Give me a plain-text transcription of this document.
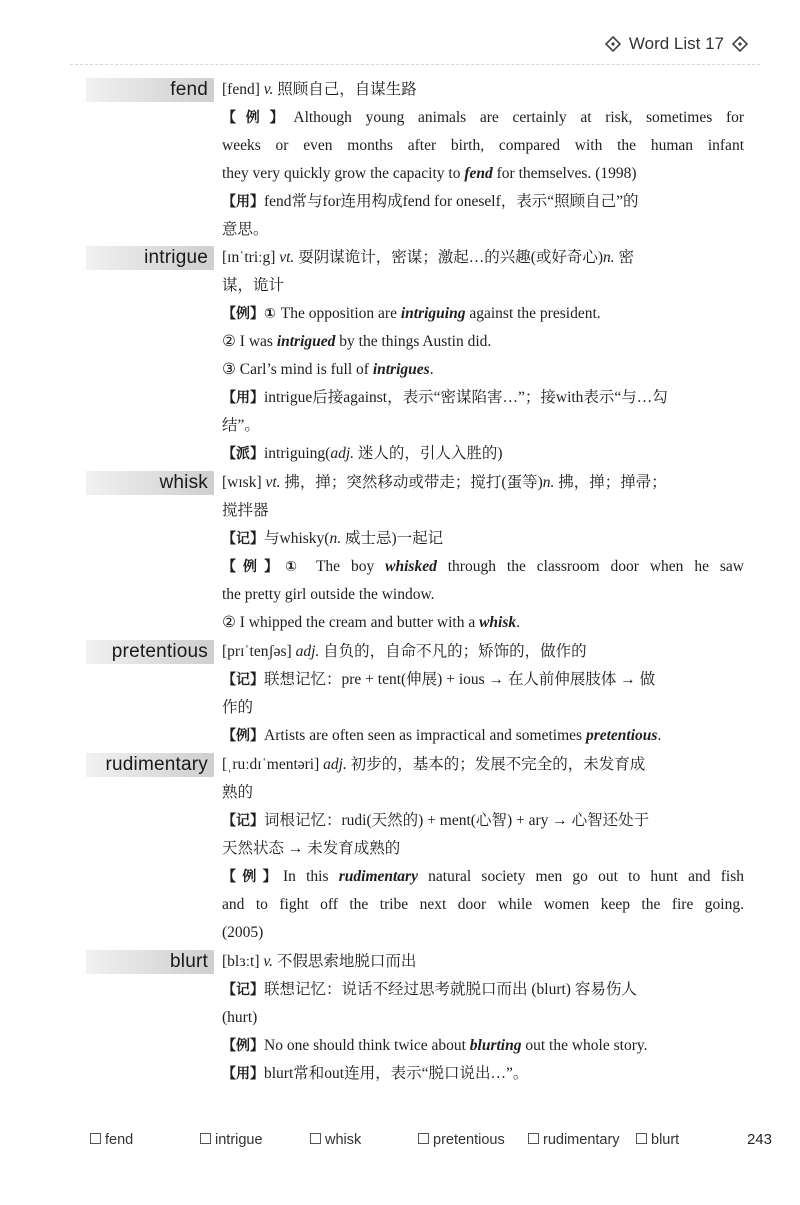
Word List 17
fend [fend] v. 照顾自己，自谋生路
【例】Although young animals are certainly at risk, sometimes for
weeks or even months after birth, compared with the human infant
they very quickly grow the capacity to fend for themselves. (1998)
【用】fend常与for连用构成fend for oneself，表示“照顾自己”的
意思。
intrigue [ɪnˈtriːg] vt. 耍阴谋诡计，密谋；激起…的兴趣(或好奇心)n. 密
谋，诡计
【例】① The opposition are intriguing against the president.
② I was intrigued by the things Austin did.
③ Carl’s mind is full of intrigues.
【用】intrigue后接against，表示“密谋陷害…”；接with表示“与…勾
结”。
【派】intriguing(adj. 迷人的，引人入胜的)
whisk [wɪsk] vt. 拂，掸；突然移动或带走；搅打(蛋等)n. 拂，掸；掸帚；
搅拌器
【记】与whisky(n. 威士忌)一起记
【例】① The boy whisked through the classroom door when he saw
the pretty girl outside the window.
② I whipped the cream and butter with a whisk.
pretentious [prɪˈtenʃəs] adj. 自负的，自命不凡的；矫饰的，做作的
【记】联想记忆：pre + tent(伸展) + ious → 在人前伸展肢体 → 做
作的
【例】Artists are often seen as impractical and sometimes pretentious.
rudimentary [ˌruːdɪˈmentəri] adj. 初步的，基本的；发展不完全的，未发育成
熟的
【记】词根记忆：rudi(天然的) + ment(心智) + ary → 心智还处于
天然状态 → 未发育成熟的
【例】In this rudimentary natural society men go out to hunt and fish
and to fight off the tribe next door while women keep the fire going.
(2005)
blurt [blɜːt] v. 不假思索地脱口而出
【记】联想记忆：说话不经过思考就脱口而出 (blurt) 容易伤人
(hurt)
【例】No one should think twice about blurting out the whole story.
【用】blurt常和out连用，表示“脱口说出…”。
fend	intrigue	whisk	pretentious	rudimentary	blurt	243
